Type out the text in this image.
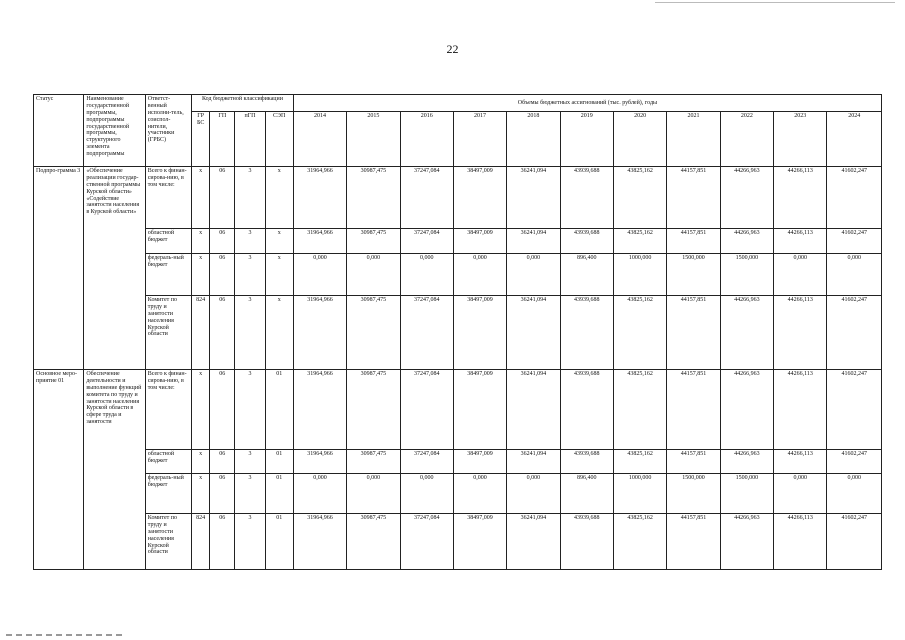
22
Статус	Наименование государственной программы, подпрограммы государственной программы, структурного элемента подпрограммы	Ответст-венный исполни-тель, соиспол-нители, участники (ГРБС)	Код бюджетной классификации				Объемы бюджетных ассигнований (тыс. рублей), годы										
			ГР БС	ГП	пГП	СЭП	2014	2015	2016	2017	2018	2019	2020	2021	2022	2023	2024
Подпро-грамма 3	«Обеспечение реализации государ-ственной программы Курской области» «Содействие занятости населения в Курской области»	Всего к финан-сирова-нию, в том числе:	х	06	3	х	31964,966	30987,475	37247,084	38497,009	36241,094	43939,688	43825,162	44157,851	44266,963	44266,113	41602,247
		областной бюджет	х	06	3	х	31964,966	30987,475	37247,084	38497,009	36241,094	43939,688	43825,162	44157,851	44266,963	44266,113	41602,247
		федераль-ный бюджет	х	06	3	х	0,000	0,000	0,000	0,000	0,000	896,400	1000,000	1500,000	1500,000	0,000	0,000
		Комитет по труду и занятости населения Курской области	824	06	3	х	31964,966	30987,475	37247,084	38497,009	36241,094	43939,688	43825,162	44157,851	44266,963	44266,113	41602,247
Основное меро-приятие 01	Обеспечение деятельности и выполнение функций комитета по труду и занятости населения Курской области в сфере труда и занятости	Всего к финан-сирова-нию, в том числе:	х	06	3	01	31964,966	30987,475	37247,084	38497,009	36241,094	43939,688	43825,162	44157,851	44266,963	44266,113	41602,247
		областной бюджет	х	06	3	01	31964,966	30987,475	37247,084	38497,009	36241,094	43939,688	43825,162	44157,851	44266,963	44266,113	41602,247
		федераль-ный бюджет	х	06	3	01	0,000	0,000	0,000	0,000	0,000	896,400	1000,000	1500,000	1500,000	0,000	0,000
		Комитет по труду и занятости населения Курской области	824	06	3	01	31964,966	30987,475	37247,084	38497,009	36241,094	43939,688	43825,162	44157,851	44266,963	44266,113	41602,247
